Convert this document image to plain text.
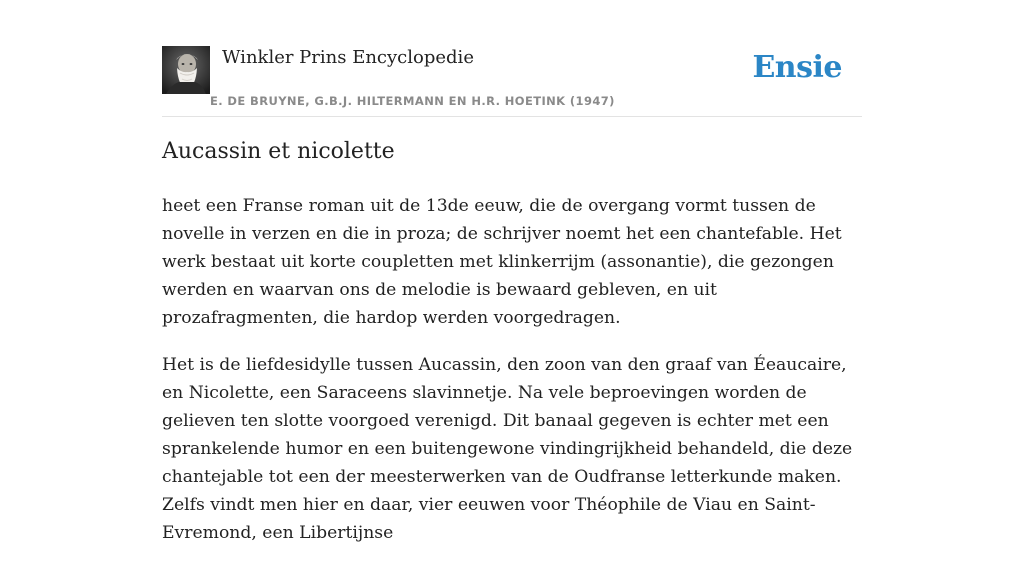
Winkler Prins Encyclopedie
E. DE BRUYNE, G.B.J. HILTERMANN EN H.R. HOETINK (1947)
Ensie
Aucassin et nicolette

heet een Franse roman uit de 13de eeuw, die de overgang vormt tussen de novelle in verzen en die in proza; de schrijver noemt het een chantefable. Het werk bestaat uit korte coupletten met klinkerrijm (assonantie), die gezongen werden en waarvan ons de melodie is bewaard gebleven, en uit prozafragmenten, die hardop werden voorgedragen.

Het is de liefdesidylle tussen Aucassin, den zoon van den graaf van Éeaucaire, en Nicolette, een Saraceens slavinnetje. Na vele beproevingen worden de gelieven ten slotte voorgoed verenigd. Dit banaal gegeven is echter met een sprankelende humor en een buitengewone vindingrijkheid behandeld, die deze chantejable tot een der meesterwerken van de Oudfranse letterkunde maken. Zelfs vindt men hier en daar, vier eeuwen voor Théophile de Viau en Saint-Evremond, een Libertijnse
